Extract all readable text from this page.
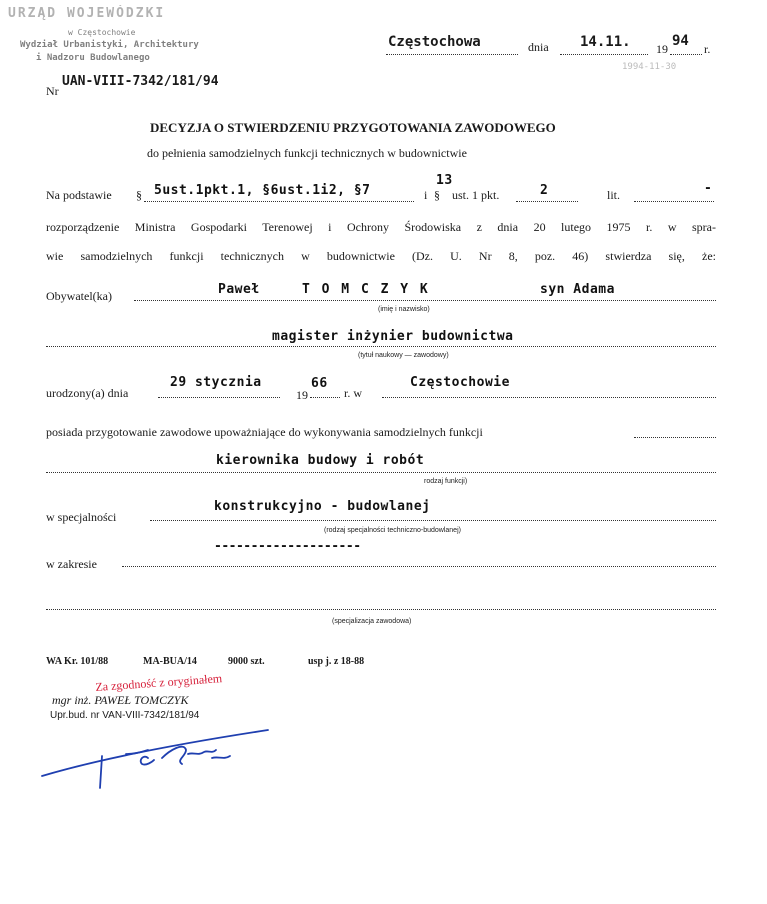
URZĄD WOJEWÓDZKI
w Częstochowie
Wydział Urbanistyki, Architektury
i Nadzoru Budowlanego
Nr
UAN-VIII-7342/181/94
Częstochowa	dnia 14.11. 19 94 r.
1994-11-30
DECYZJA O STWIERDZENIU PRZYGOTOWANIA ZAWODOWEGO
do pełnienia samodzielnych funkcji technicznych w budownictwie
Na podstawie § 5ust.1pkt.1, §6ust.1i2, §7	i §
13
ust. 1 pkt.	2	lit.	-
rozporządzenie Ministra Gospodarki Terenowej i Ochrony Środowiska z dnia 20 lutego 1975 r. w spra-
wie samodzielnych funkcji technicznych w budownictwie (Dz. U. Nr 8, poz. 46) stwierdza się, że:
Obywatel(ka)	Paweł	T O M C Z Y K	syn Adama
(imię i nazwisko)
magister inżynier budownictwa
(tytuł naukowy — zawodowy)
urodzony(a) dnia
29 stycznia
19
66
r. w
Częstochowie
posiada przygotowanie zawodowe upoważniające do wykonywania samodzielnych funkcji
kierownika budowy i robót
rodzaj funkcji)
w specjalności
konstrukcyjno - budowlanej
(rodzaj specjalności techniczno-budowlanej)
w zakresie
--------------------
(specjalizacja zawodowa)
WA Kr. 101/88	MA-BUA/14	9000 szt.	usp j. z 18-88
Za zgodność z oryginałem
mgr inż. PAWEŁ TOMCZYK
Upr.bud. nr VAN-VIII-7342/181/94
